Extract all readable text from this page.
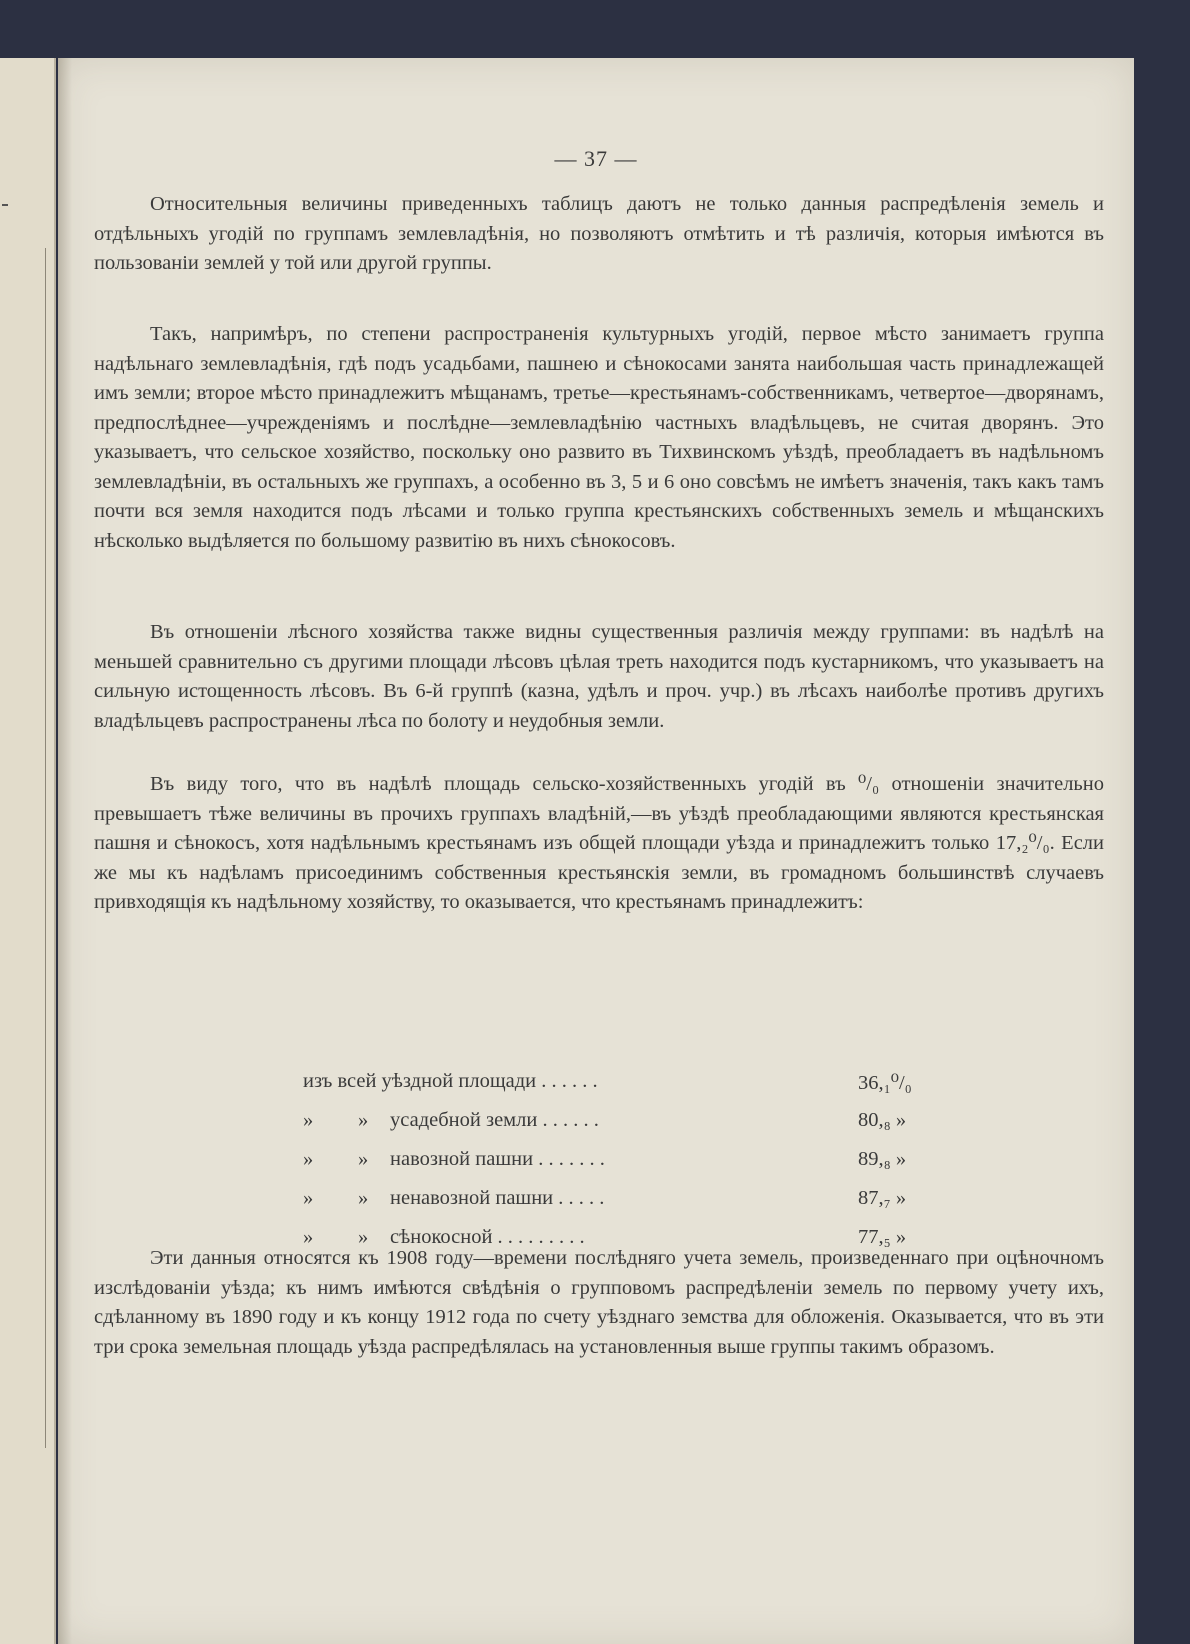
— 37 —

Относительныя величины приведенныхъ таблицъ даютъ не только данныя распредѣленія земель и отдѣльныхъ угодій по группамъ землевладѣнія, но позволяютъ отмѣтить и тѣ различія, которыя имѣются въ пользованіи землей у той или другой группы.

Такъ, напримѣръ, по степени распространенія культурныхъ угодій, первое мѣсто занимаетъ группа надѣльнаго землевладѣнія, гдѣ подъ усадьбами, пашнею и сѣнокосами занята наибольшая часть принадлежащей имъ земли; второе мѣсто принадлежитъ мѣщанамъ, третье—крестьянамъ-собственникамъ, четвертое—дворянамъ, предпослѣднее—учрежденіямъ и послѣдне—землевладѣнію частныхъ владѣльцевъ, не считая дворянъ. Это указываетъ, что сельское хозяйство, поскольку оно развито въ Тихвинскомъ уѣздѣ, преобладаетъ въ надѣльномъ землевладѣніи, въ остальныхъ же группахъ, а особенно въ 3, 5 и 6 оно совсѣмъ не имѣетъ значенія, такъ какъ тамъ почти вся земля находится подъ лѣсами и только группа крестьянскихъ собственныхъ земель и мѣщанскихъ нѣсколько выдѣляется по большому развитію въ нихъ сѣнокосовъ.

Въ отношеніи лѣсного хозяйства также видны существенныя различія между группами: въ надѣлѣ на меньшей сравнительно съ другими площади лѣсовъ цѣлая треть находится подъ кустарникомъ, что указываетъ на сильную истощенность лѣсовъ. Въ 6-й группѣ (казна, удѣлъ и проч. учр.) въ лѣсахъ наиболѣе противъ другихъ владѣльцевъ распространены лѣса по болоту и неудобныя земли.

Въ виду того, что въ надѣлѣ площадь сельско-хозяйственныхъ угодій въ ⁰/₀ отношеніи значительно превышаетъ тѣже величины въ прочихъ группахъ владѣній,—въ уѣздѣ преобладающими являются крестьянская пашня и сѣнокосъ, хотя надѣльнымъ крестьянамъ изъ общей площади уѣзда и принадлежитъ только 17,₂⁰/₀. Если же мы къ надѣламъ присоединимъ собственныя крестьянскія земли, въ громадномъ большинствѣ случаевъ привходящія къ надѣльному хозяйству, то оказывается, что крестьянамъ принадлежитъ:

изъ всей уѣздной площади . . . . . .	36,₁⁰/₀
» » усадебной земли . . . . . .	80,₈ »
» » навозной пашни . . . . . . .	89,₈ »
» » ненавозной пашни . . . . .	87,₇ »
» » сѣнокосной . . . . . . . . .	77,₅ »

Эти данныя относятся къ 1908 году—времени послѣдняго учета земель, произведеннаго при оцѣночномъ изслѣдованіи уѣзда; къ нимъ имѣются свѣдѣнія о групповомъ распредѣленіи земель по первому учету ихъ, сдѣланному въ 1890 году и къ концу 1912 года по счету уѣзднаго земства для обложенія. Оказывается, что въ эти три срока земельная площадь уѣзда распредѣлялась на установленныя выше группы такимъ образомъ.
